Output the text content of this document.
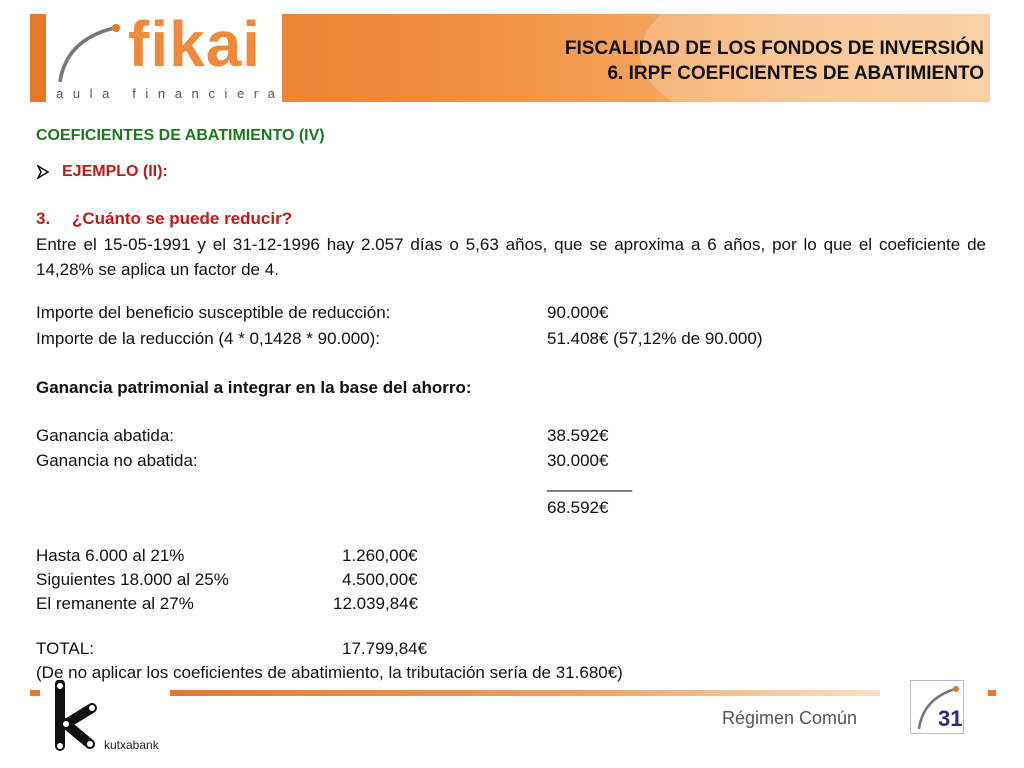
fikai
aula financiera
FISCALIDAD DE LOS FONDOS DE INVERSIÓN
6. IRPF COEFICIENTES DE ABATIMIENTO
COEFICIENTES DE ABATIMIENTO (IV)
EJEMPLO (II):
3. ¿Cuánto se puede reducir?
Entre el 15-05-1991 y el 31-12-1996 hay 2.057 días o 5,63 años, que se aproxima a 6 años, por lo que el coeficiente de 14,28% se aplica un factor de 4.
Importe del beneficio susceptible de reducción:	90.000€
Importe de la reducción (4 * 0,1428 * 90.000):	51.408€ (57,12% de 90.000)
Ganancia patrimonial a integrar en la base del ahorro:
Ganancia abatida:	38.592€
Ganancia no abatida:	30.000€
_________
68.592€
Hasta 6.000 al 21%	1.260,00€
Siguientes 18.000 al 25%	4.500,00€
El remanente al 27%	12.039,84€
TOTAL:	17.799,84€
(De no aplicar los coeficientes de abatimiento, la tributación sería de 31.680€)
kutxabank
Régimen Común	31
